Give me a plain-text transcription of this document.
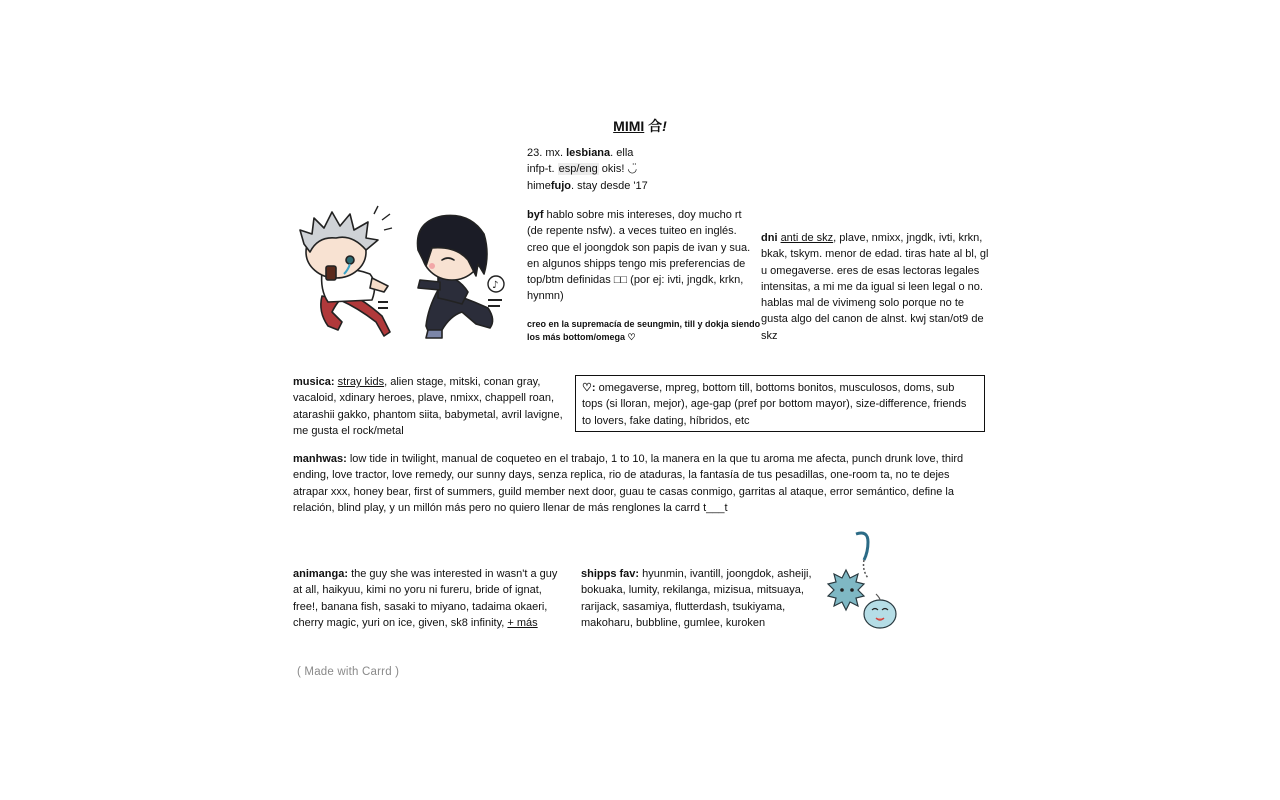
MIMI 合!
23. mx. lesbiana. ella
infp-t. esp/eng okis! ◡̈
himefujo. stay desde '17
♪
byf hablo sobre mis intereses, doy mucho rt (de repente nsfw). a veces tuiteo en inglés. creo que el joongdok son papis de ivan y sua. en algunos shipps tengo mis preferencias de top/btm definidas □□ (por ej: ivti, jngdk, krkn, hynmn)
creo en la supremacía de seungmin, till y dokja siendo los más bottom/omega ♡
dni anti de skz, plave, nmixx, jngdk, ivti, krkn, bkak, tskym. menor de edad. tiras hate al bl, gl u omegaverse. eres de esas lectoras legales intensitas, a mi me da igual si leen legal o no. hablas mal de vivimeng solo porque no te gusta algo del canon de alnst. kwj stan/ot9 de skz
musica: stray kids, alien stage, mitski, conan gray, vacaloid, xdinary heroes, plave, nmixx, chappell roan, atarashii gakko, phantom siita, babymetal, avril lavigne, me gusta el rock/metal
♡: omegaverse, mpreg, bottom till, bottoms bonitos, musculosos, doms, sub tops (si lloran, mejor), age-gap (pref por bottom mayor), size-difference, friends to lovers, fake dating, híbridos, etc
manhwas: low tide in twilight, manual de coqueteo en el trabajo, 1 to 10, la manera en la que tu aroma me afecta, punch drunk love, third ending, love tractor, love remedy, our sunny days, senza replica, rio de ataduras, la fantasía de tus pesadillas, one-room ta, no te dejes atrapar xxx, honey bear, first of summers, guild member next door, guau te casas conmigo, garritas al ataque, error semántico, define la relación, blind play, y un millón más pero no quiero llenar de más renglones la carrd t___t
animanga: the guy she was interested in wasn't a guy at all, haikyuu, kimi no yoru ni fureru, bride of ignat, free!, banana fish, sasaki to miyano, tadaima okaeri, cherry magic, yuri on ice, given, sk8 infinity, + más
shipps fav: hyunmin, ivantill, joongdok, asheiji, bokuaka, lumity, rekilanga, mizisua, mitsuaya, rarijack, sasamiya, flutterdash, tsukiyama, makoharu, bubbline, gumlee, kuroken
( Made with Carrd )
